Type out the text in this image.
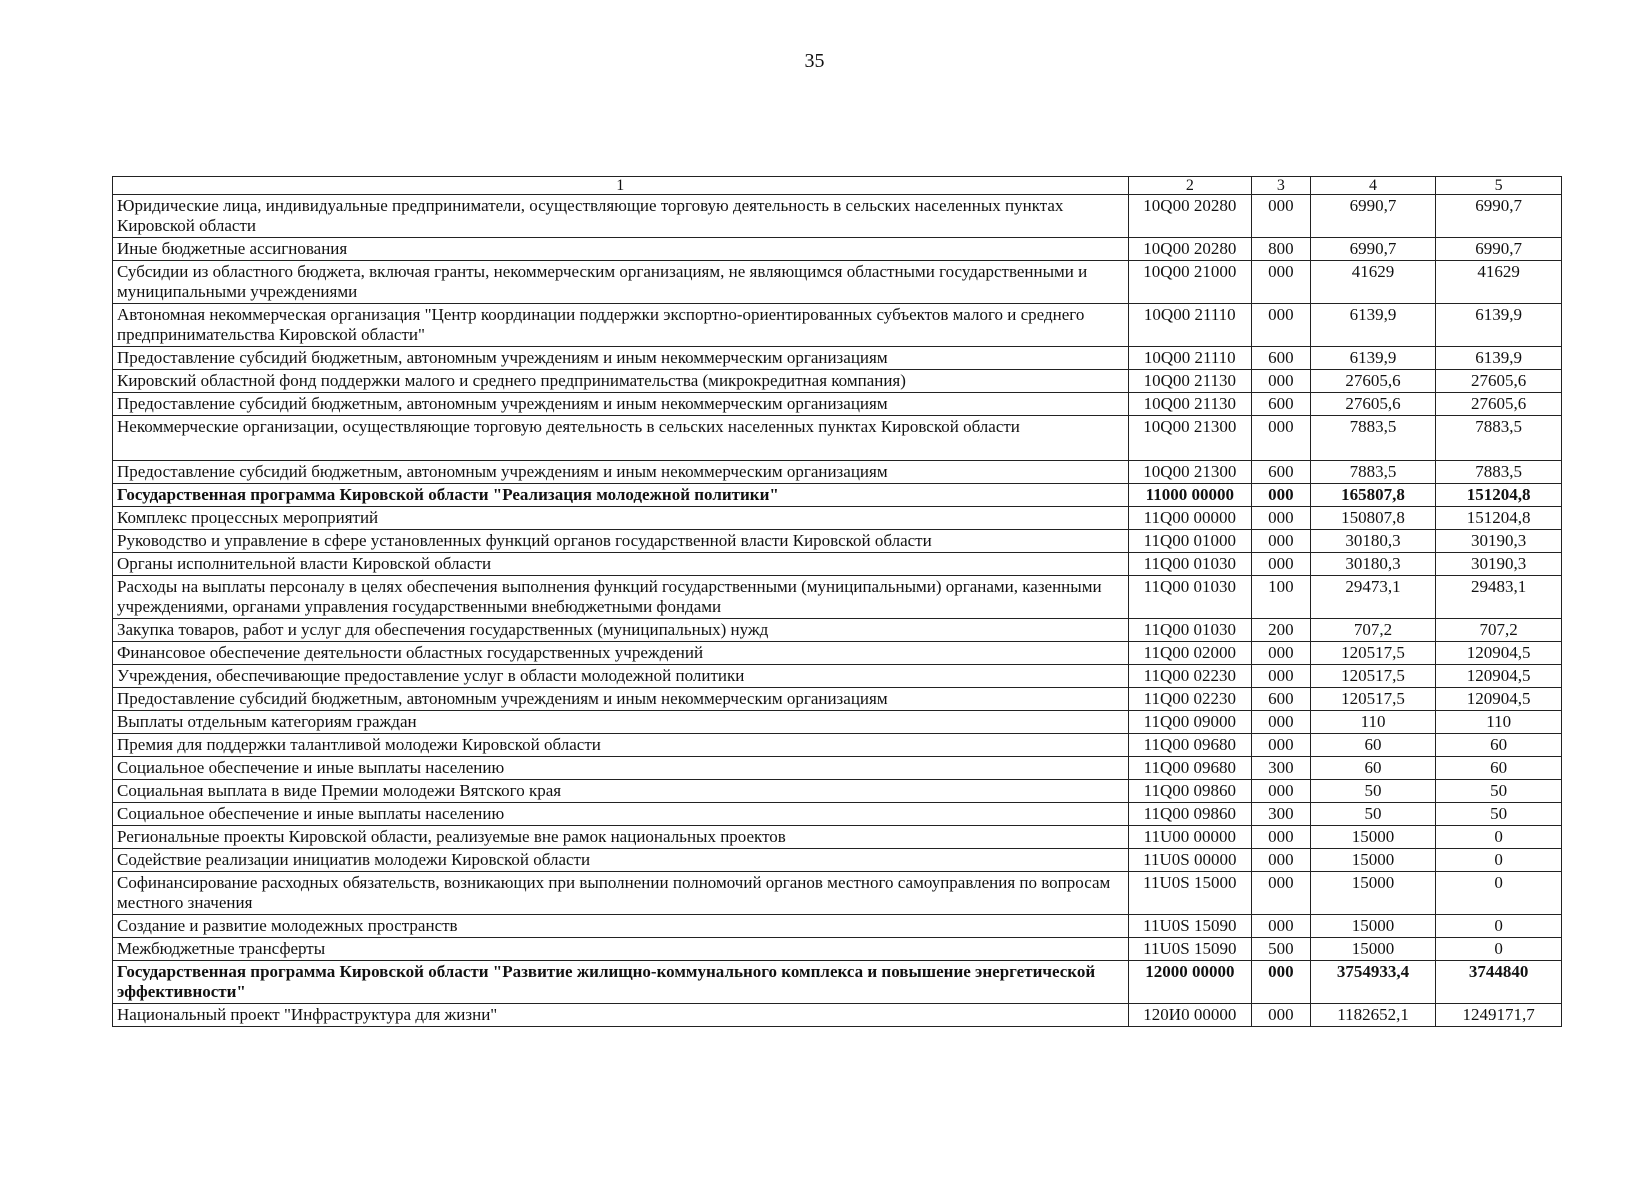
35
1	2	3	4	5
Юридические лица, индивидуальные предприниматели, осуществляющие торговую деятельность в сельских населенных пунктах Кировской области	10Q00 20280	000	6990,7	6990,7
Иные бюджетные ассигнования	10Q00 20280	800	6990,7	6990,7
Субсидии из областного бюджета, включая гранты, некоммерческим организациям, не являющимся областными государственными и муниципальными учреждениями	10Q00 21000	000	41629	41629
Автономная некоммерческая организация "Центр координации поддержки экспортно-ориентированных субъектов малого и среднего предпринимательства Кировской области"	10Q00 21110	000	6139,9	6139,9
Предоставление субсидий бюджетным, автономным учреждениям и иным некоммерческим организациям	10Q00 21110	600	6139,9	6139,9
Кировский областной фонд поддержки малого и среднего предпринимательства (микрокредитная компания)	10Q00 21130	000	27605,6	27605,6
Предоставление субсидий бюджетным, автономным учреждениям и иным некоммерческим организациям	10Q00 21130	600	27605,6	27605,6
Некоммерческие организации, осуществляющие торговую деятельность в сельских населенных пунктах Кировской области	10Q00 21300	000	7883,5	7883,5
Предоставление субсидий бюджетным, автономным учреждениям и иным некоммерческим организациям	10Q00 21300	600	7883,5	7883,5
Государственная программа Кировской области "Реализация молодежной политики"	11000 00000	000	165807,8	151204,8
Комплекс процессных мероприятий	11Q00 00000	000	150807,8	151204,8
Руководство и управление в сфере установленных функций органов государственной власти Кировской области	11Q00 01000	000	30180,3	30190,3
Органы исполнительной власти Кировской области	11Q00 01030	000	30180,3	30190,3
Расходы на выплаты персоналу в целях обеспечения выполнения функций государственными (муниципальными) органами, казенными учреждениями, органами управления государственными внебюджетными фондами	11Q00 01030	100	29473,1	29483,1
Закупка товаров, работ и услуг для обеспечения государственных (муниципальных) нужд	11Q00 01030	200	707,2	707,2
Финансовое обеспечение деятельности областных государственных учреждений	11Q00 02000	000	120517,5	120904,5
Учреждения, обеспечивающие предоставление услуг в области молодежной политики	11Q00 02230	000	120517,5	120904,5
Предоставление субсидий бюджетным, автономным учреждениям и иным некоммерческим организациям	11Q00 02230	600	120517,5	120904,5
Выплаты отдельным категориям граждан	11Q00 09000	000	110	110
Премия для поддержки талантливой молодежи Кировской области	11Q00 09680	000	60	60
Социальное обеспечение и иные выплаты населению	11Q00 09680	300	60	60
Социальная выплата в виде Премии молодежи Вятского края	11Q00 09860	000	50	50
Социальное обеспечение и иные выплаты населению	11Q00 09860	300	50	50
Региональные проекты Кировской области, реализуемые вне рамок национальных проектов	11U00 00000	000	15000	0
Содействие реализации инициатив молодежи Кировской области	11U0S 00000	000	15000	0
Софинансирование расходных обязательств, возникающих при выполнении полномочий органов местного самоуправления по вопросам местного значения	11U0S 15000	000	15000	0
Создание и развитие молодежных пространств	11U0S 15090	000	15000	0
Межбюджетные трансферты	11U0S 15090	500	15000	0
Государственная программа Кировской области "Развитие жилищно-коммунального комплекса и повышение энергетической эффективности"	12000 00000	000	3754933,4	3744840
Национальный проект "Инфраструктура для жизни"	120И0 00000	000	1182652,1	1249171,7
